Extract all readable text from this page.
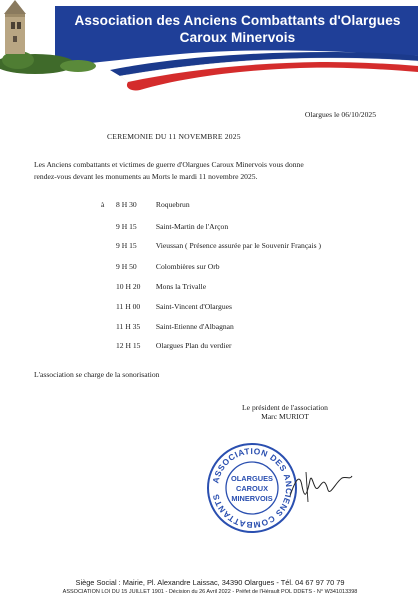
Association des Anciens Combattants d'Olargues
Caroux Minervois
Olargues le 06/10/2025
CEREMONIE DU 11 NOVEMBRE 2025
Les Anciens combattants et victimes de guerre d'Olargues Caroux Minervois vous donne
rendez-vous devant les monuments au Morts le mardi 11 novembre 2025.
à 8 H 30	Roquebrun
9 H 15	Saint-Martin de l'Arçon
9 H 15	Vieussan ( Présence assurée par le Souvenir Français )
9 H 50	Colombières sur Orb
10 H 20 Mons la Trivalle
11 H 00 Saint-Vincent d'Olargues
11 H 35 Saint-Etienne d'Albagnan
12 H 15 Olargues Plan du verdier
L'association se charge de la sonorisation
Le président de l'association
Marc MURIOT
ASSOCIATION DES ANCIENS COMBATTANTS
OLARGUES
CAROUX
MINERVOIS
Siège Social : Mairie, Pl. Alexandre Laissac, 34390 Olargues - Tél. 04 67 97 70 79
ASSOCIATION LOI DU 15 JUILLET 1901 - Décision du 26 Avril 2022 - Préfet de l'Hérault POL DDETS - N° W341013398
